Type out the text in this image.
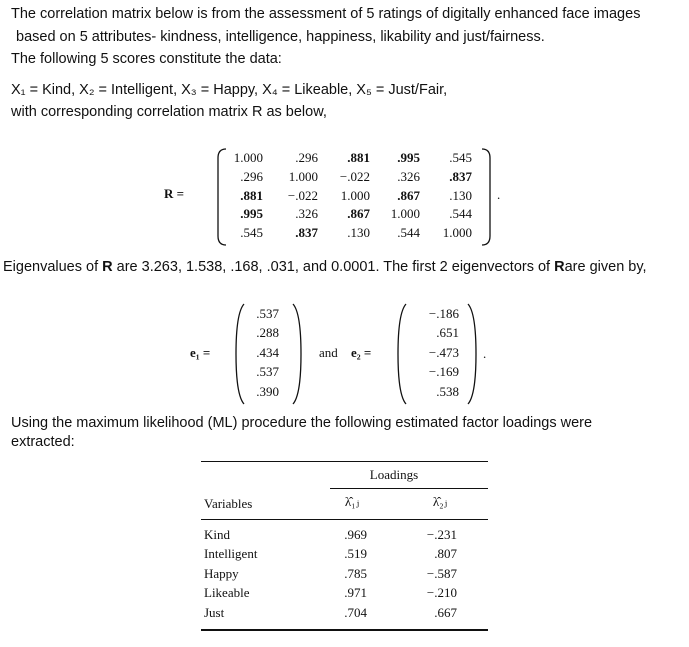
The correlation matrix below is from the assessment of 5 ratings of digitally enhanced face images
based on 5 attributes- kindness, intelligence, happiness, likability and just/fairness.
The following 5 scores constitute the data:
X₁ = Kind, X₂ = Intelligent, X₃ = Happy, X₄ = Likeable, X₅ = Just/Fair,
with corresponding correlation matrix R as below,
R =	.
1.000	.296	.881	.995	.545
.296	1.000	−.022	.326	.837
.881	−.022	1.000	.867	.130
.995	.326	.867	1.000	.544
.545	.837	.130	.544	1.000
Eigenvalues of R are 3.263, 1.538, .168, .031, and 0.0001. The first 2 eigenvectors of Rare given by,
e₁ =
.537
.288
.434
.537
.390
and e₂ =
−.186
.651
−.473
−.169
.538
.
Using the maximum likelihood (ML) procedure the following estimated factor loadings were
extracted:
Loadings
Variables	λ̂₁ⱼ	λ̂₂ⱼ
Kind	.969	−.231
Intelligent	.519	.807
Happy	.785	−.587
Likeable	.971	−.210
Just	.704	.667
